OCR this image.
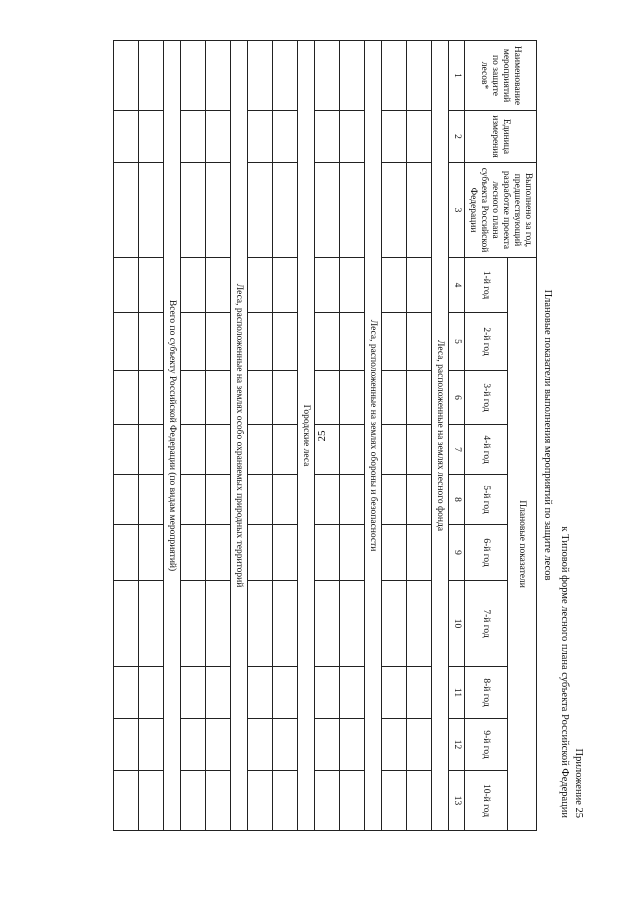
25
Приложение 25
к Типовой форме лесного плана субъекта Российской Федерации
Плановые показатели выполнения мероприятий по защите лесов
Наименование мероприятий по защите лесов*	Единица измерения	Выполнено за год, предшествующий разработке проекта лесного плана субъекта Российской Федерации	Плановые показатели									
			1-й год	2-й год	3-й год	4-й год	5-й год	6-й год	7-й год	8-й год	9-й год	10-й год
1	2	3	4	5	6	7	8	9	10	11	12	13
Леса, расположенные на землях лесного фонда												

Леса, расположенные на землях обороны и безопасности												

Городские леса												

Леса, расположенные на землях особо охраняемых природных территорий												

Всего по субъекту Российской Федерации (по видам мероприятий)												
